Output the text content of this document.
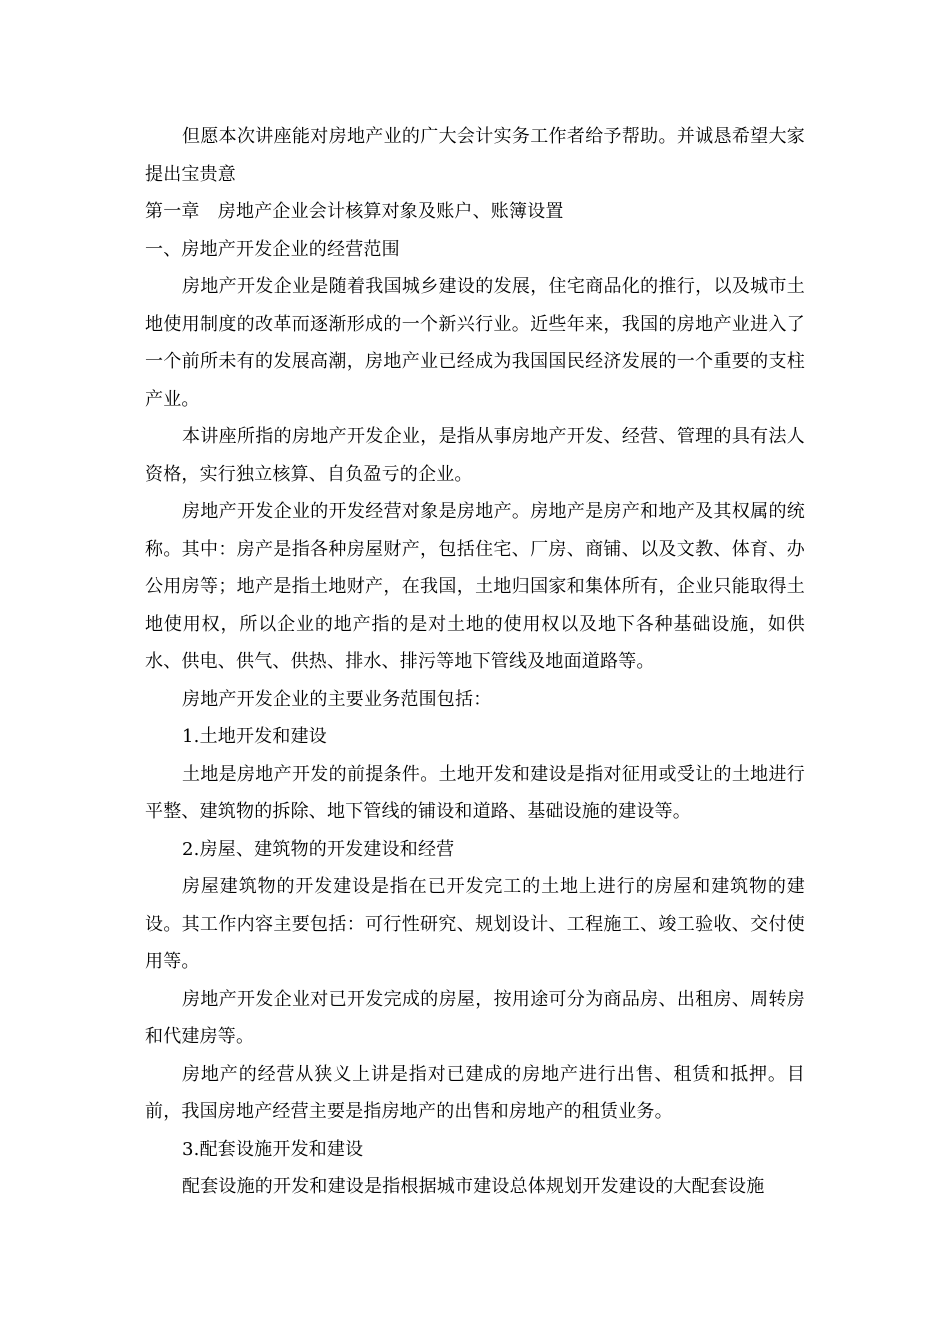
但愿本次讲座能对房地产业的广大会计实务工作者给予帮助。并诚恳希望大家提出宝贵意

第一章　房地产企业会计核算对象及账户、账簿设置

一、房地产开发企业的经营范围

房地产开发企业是随着我国城乡建设的发展，住宅商品化的推行，以及城市土地使用制度的改革而逐渐形成的一个新兴行业。近些年来，我国的房地产业进入了一个前所未有的发展高潮，房地产业已经成为我国国民经济发展的一个重要的支柱产业。

本讲座所指的房地产开发企业，是指从事房地产开发、经营、管理的具有法人资格，实行独立核算、自负盈亏的企业。

房地产开发企业的开发经营对象是房地产。房地产是房产和地产及其权属的统称。其中：房产是指各种房屋财产，包括住宅、厂房、商铺、以及文教、体育、办公用房等；地产是指土地财产，在我国，土地归国家和集体所有，企业只能取得土地使用权，所以企业的地产指的是对土地的使用权以及地下各种基础设施，如供水、供电、供气、供热、排水、排污等地下管线及地面道路等。

房地产开发企业的主要业务范围包括：

1.土地开发和建设

土地是房地产开发的前提条件。土地开发和建设是指对征用或受让的土地进行平整、建筑物的拆除、地下管线的铺设和道路、基础设施的建设等。

2.房屋、建筑物的开发建设和经营

房屋建筑物的开发建设是指在已开发完工的土地上进行的房屋和建筑物的建设。其工作内容主要包括：可行性研究、规划设计、工程施工、竣工验收、交付使用等。

房地产开发企业对已开发完成的房屋，按用途可分为商品房、出租房、周转房和代建房等。

房地产的经营从狭义上讲是指对已建成的房地产进行出售、租赁和抵押。目前，我国房地产经营主要是指房地产的出售和房地产的租赁业务。

3.配套设施开发和建设

配套设施的开发和建设是指根据城市建设总体规划开发建设的大配套设施
